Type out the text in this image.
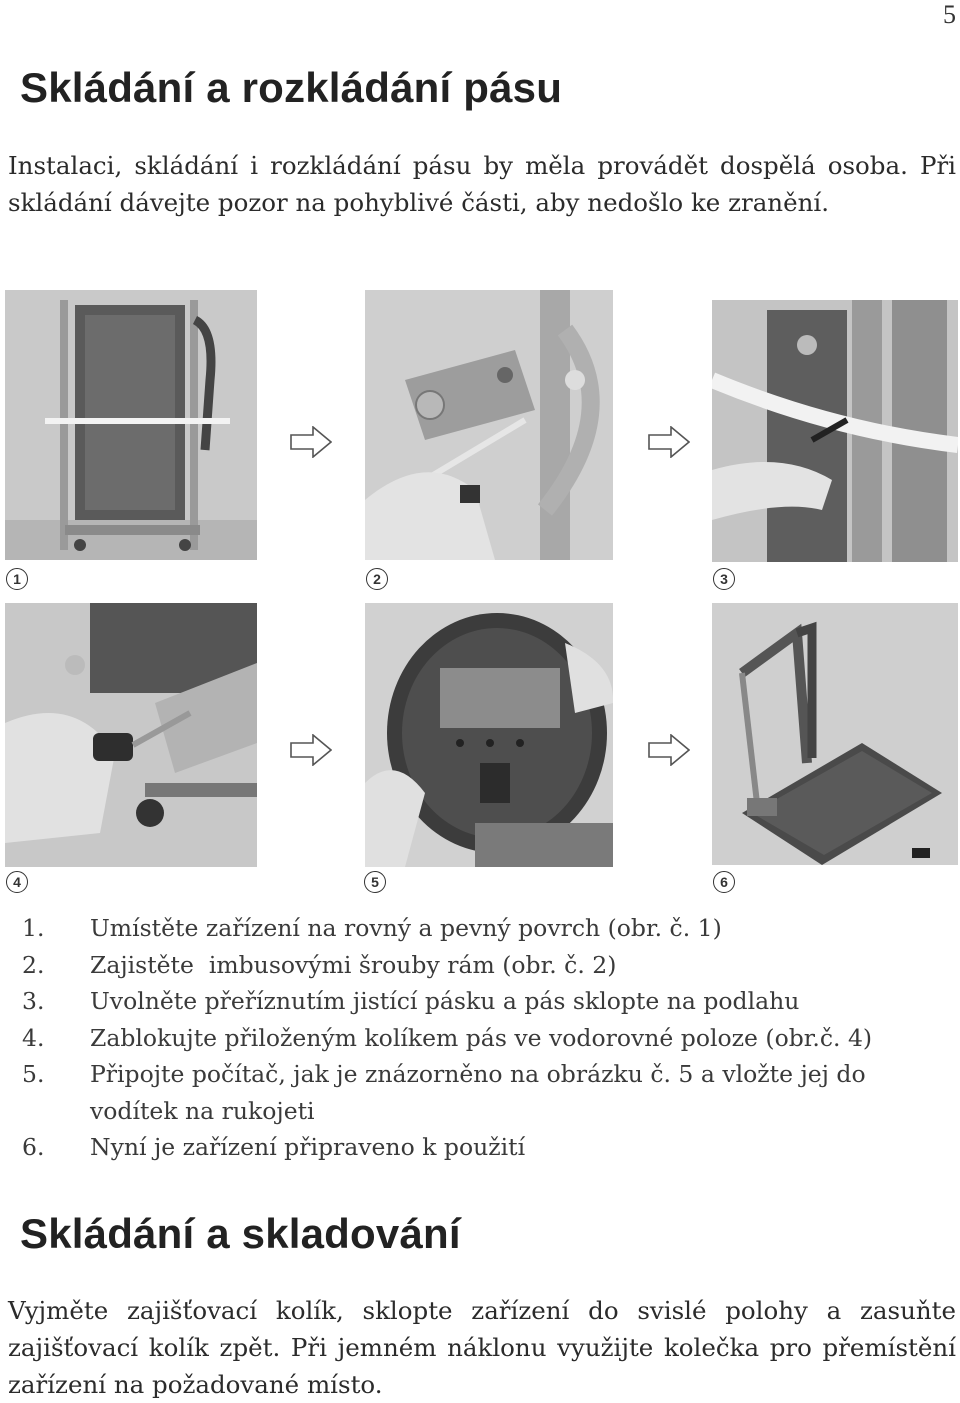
5
Skládání a rozkládání pásu

Instalaci, skládání i rozkládání pásu by měla provádět dospělá osoba. Při skládání dávejte pozor na pohyblivé části, aby nedošlo ke zranění.

1	2	3
4	5	6
1.	Umístěte zařízení na rovný a pevný povrch (obr. č. 1)
2.	Zajistěte  imbusovými šrouby rám (obr. č. 2)
3.	Uvolněte přeříznutím jistící pásku a pás sklopte na podlahu
4.	Zablokujte přiloženým kolíkem pás ve vodorovné poloze (obr.č. 4)
5.	Připojte počítač, jak je znázorněno na obrázku č. 5 a vložte jej do vodítek na rukojeti
6.	Nyní je zařízení připraveno k použití
Skládání a skladování

Vyjměte zajišťovací kolík, sklopte zařízení do svislé polohy a zasuňte zajišťovací kolík zpět. Při jemném náklonu využijte kolečka pro přemístění zařízení na požadované místo.
